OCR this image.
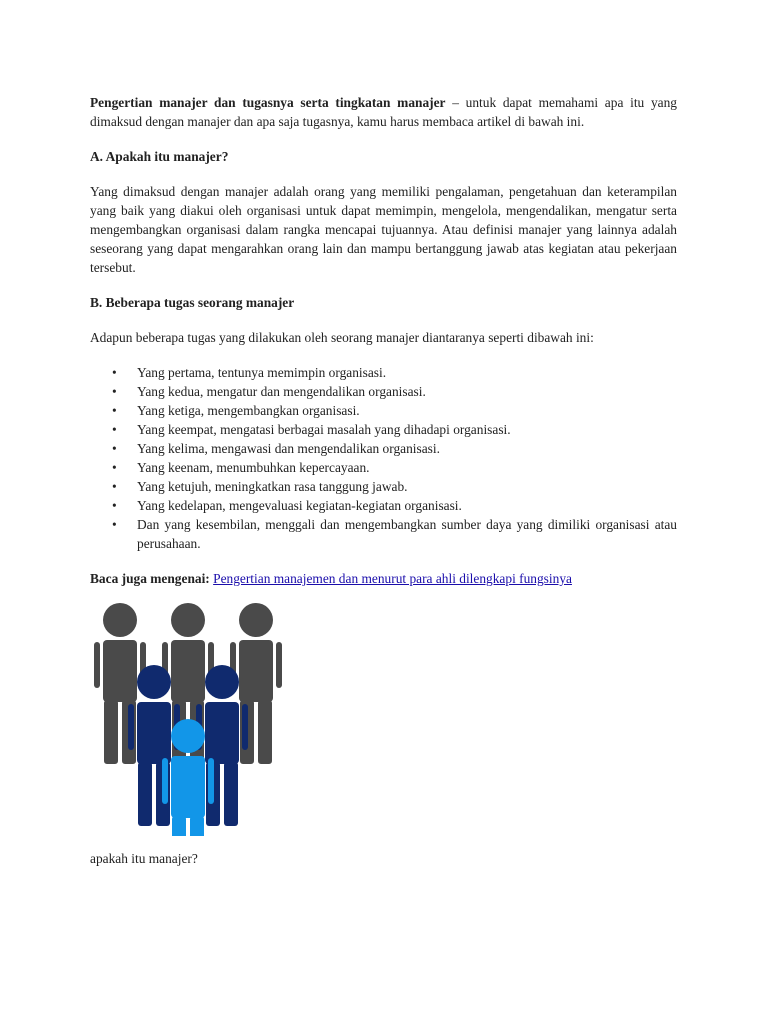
Pengertian manajer dan tugasnya serta tingkatan manajer – untuk dapat memahami apa itu yang dimaksud dengan manajer dan apa saja tugasnya, kamu harus membaca artikel di bawah ini.

A. Apakah itu manajer?

Yang dimaksud dengan manajer adalah orang yang memiliki pengalaman, pengetahuan dan keterampilan yang baik yang diakui oleh organisasi untuk dapat memimpin, mengelola, mengendalikan, mengatur serta mengembangkan organisasi dalam rangka mencapai tujuannya. Atau definisi manajer yang lainnya adalah seseorang yang dapat mengarahkan orang lain dan mampu bertanggung jawab atas kegiatan atau pekerjaan tersebut.

B. Beberapa tugas seorang manajer

Adapun beberapa tugas yang dilakukan oleh seorang manajer diantaranya seperti dibawah ini:

• Yang pertama, tentunya memimpin organisasi.
• Yang kedua, mengatur dan mengendalikan organisasi.
• Yang ketiga, mengembangkan organisasi.
• Yang keempat, mengatasi berbagai masalah yang dihadapi organisasi.
• Yang kelima, mengawasi dan mengendalikan organisasi.
• Yang keenam, menumbuhkan kepercayaan.
• Yang ketujuh, meningkatkan rasa tanggung jawab.
• Yang kedelapan, mengevaluasi kegiatan-kegiatan organisasi.
• Dan yang kesembilan, menggali dan mengembangkan sumber daya yang dimiliki organisasi atau perusahaan.

Baca juga mengenai: Pengertian manajemen dan menurut para ahli dilengkapi fungsinya

apakah itu manajer?
